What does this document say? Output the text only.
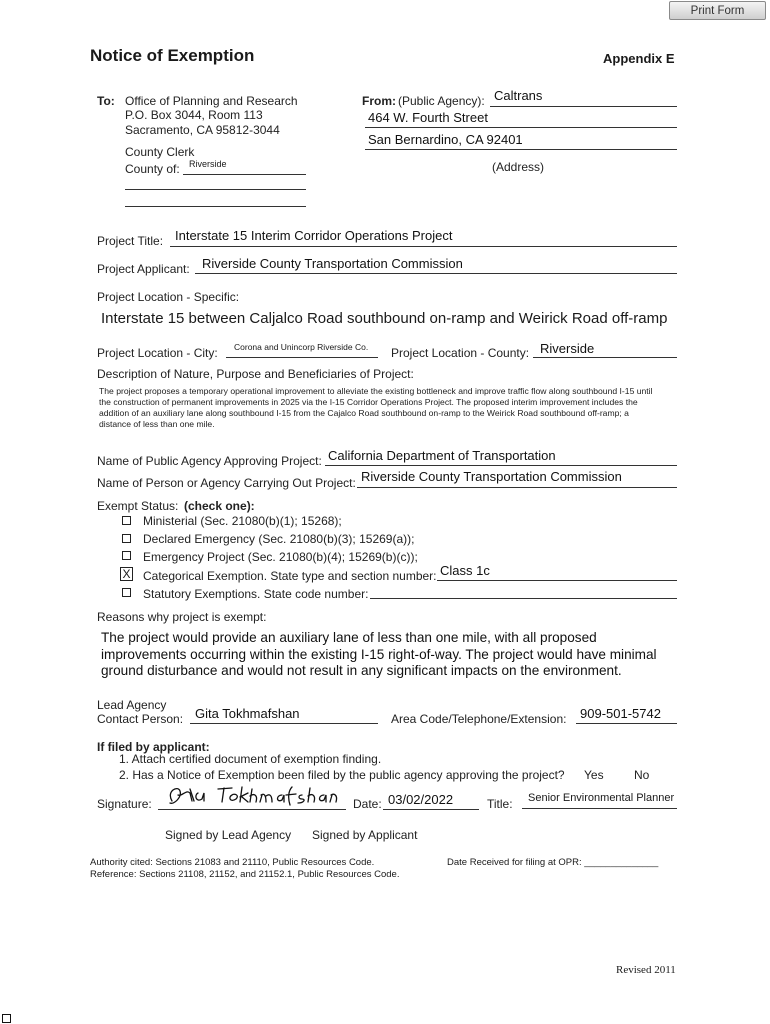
Print Form
Notice of Exemption	Appendix E
To: Office of Planning and Research
P.O. Box 3044, Room 113
Sacramento, CA 95812-3044
County Clerk
County of: Riverside
From: (Public Agency): Caltrans
464 W. Fourth Street
San Bernardino, CA 92401
(Address)
Project Title: Interstate 15 Interim Corridor Operations Project
Project Applicant: Riverside County Transportation Commission
Project Location - Specific:
Interstate 15 between Caljalco Road southbound on-ramp and Weirick Road off-ramp
Project Location - City: Corona and Unincorp Riverside Co. Project Location - County: Riverside
Description of Nature, Purpose and Beneficiaries of Project:
The project proposes a temporary operational improvement to alleviate the existing bottleneck and improve traffic flow along southbound I-15 until the construction of permanent improvements in 2025 via the I-15 Corridor Operations Project. The proposed interim improvement includes the addition of an auxiliary lane along southbound I-15 from the Cajalco Road southbound on-ramp to the Weirick Road southbound off-ramp; a distance of less than one mile.
Name of Public Agency Approving Project: California Department of Transportation
Name of Person or Agency Carrying Out Project: Riverside County Transportation Commission
Exempt Status: (check one):
Ministerial (Sec. 21080(b)(1); 15268);
Declared Emergency (Sec. 21080(b)(3); 15269(a));
Emergency Project (Sec. 21080(b)(4); 15269(b)(c));
X Categorical Exemption. State type and section number: Class 1c
Statutory Exemptions. State code number:
Reasons why project is exempt:
The project would provide an auxiliary lane of less than one mile, with all proposed improvements occurring within the existing I-15 right-of-way. The project would have minimal ground disturbance and would not result in any significant impacts on the environment.
Lead Agency
Contact Person: Gita Tokhmafshan	Area Code/Telephone/Extension: 909-501-5742
If filed by applicant:
1. Attach certified document of exemption finding.
2. Has a Notice of Exemption been filed by the public agency approving the project? Yes	No
Signature:	Date: 03/02/2022	Title: Senior Environmental Planner
Signed by Lead Agency Signed by Applicant
Authority cited: Sections 21083 and 21110, Public Resources Code.
Reference: Sections 21108, 21152, and 21152.1, Public Resources Code.
Date Received for filing at OPR: ______________
Revised 2011
